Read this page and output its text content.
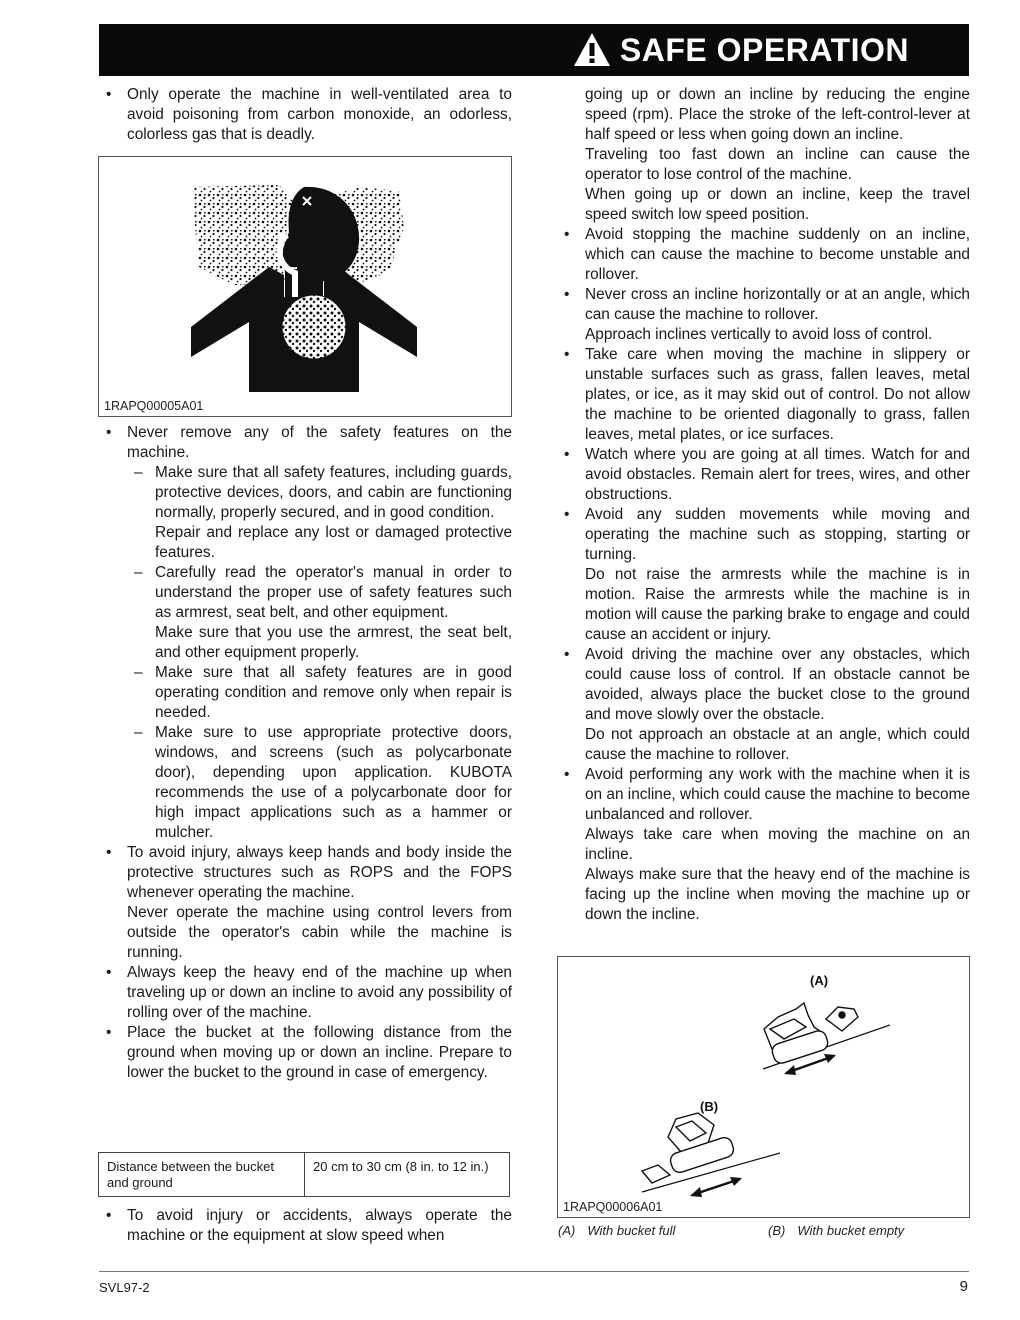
SAFE OPERATION
• Only operate the machine in well-ventilated area to avoid poisoning from carbon monoxide, an odorless, colorless gas that is deadly.
1RAPQ00005A01
• Never remove any of the safety features on the machine.
– Make sure that all safety features, including guards, protective devices, doors, and cabin are functioning normally, properly secured, and in good condition.
Repair and replace any lost or damaged protective features.
– Carefully read the operator's manual in order to understand the proper use of safety features such as armrest, seat belt, and other equipment.
Make sure that you use the armrest, the seat belt, and other equipment properly.
– Make sure that all safety features are in good operating condition and remove only when repair is needed.
– Make sure to use appropriate protective doors, windows, and screens (such as polycarbonate door), depending upon application. KUBOTA recommends the use of a polycarbonate door for high impact applications such as a hammer or mulcher.
• To avoid injury, always keep hands and body inside the protective structures such as ROPS and the FOPS whenever operating the machine.
Never operate the machine using control levers from outside the operator's cabin while the machine is running.
• Always keep the heavy end of the machine up when traveling up or down an incline to avoid any possibility of rolling over of the machine.
• Place the bucket at the following distance from the ground when moving up or down an incline. Prepare to lower the bucket to the ground in case of emergency.
Distance between the bucket and ground
20 cm to 30 cm (8 in. to 12 in.)
• To avoid injury or accidents, always operate the machine or the equipment at slow speed when
going up or down an incline by reducing the engine speed (rpm). Place the stroke of the left-control-lever at half speed or less when going down an incline.
Traveling too fast down an incline can cause the operator to lose control of the machine.
When going up or down an incline, keep the travel speed switch low speed position.
• Avoid stopping the machine suddenly on an incline, which can cause the machine to become unstable and rollover.
• Never cross an incline horizontally or at an angle, which can cause the machine to rollover.
Approach inclines vertically to avoid loss of control.
• Take care when moving the machine in slippery or unstable surfaces such as grass, fallen leaves, metal plates, or ice, as it may skid out of control. Do not allow the machine to be oriented diagonally to grass, fallen leaves, metal plates, or ice surfaces.
• Watch where you are going at all times. Watch for and avoid obstacles. Remain alert for trees, wires, and other obstructions.
• Avoid any sudden movements while moving and operating the machine such as stopping, starting or turning.
Do not raise the armrests while the machine is in motion. Raise the armrests while the machine is in motion will cause the parking brake to engage and could cause an accident or injury.
• Avoid driving the machine over any obstacles, which could cause loss of control. If an obstacle cannot be avoided, always place the bucket close to the ground and move slowly over the obstacle.
Do not approach an obstacle at an angle, which could cause the machine to rollover.
• Avoid performing any work with the machine when it is on an incline, which could cause the machine to become unbalanced and rollover.
Always take care when moving the machine on an incline.
Always make sure that the heavy end of the machine is facing up the incline when moving the machine up or down the incline.
(A)
(B)
1RAPQ00006A01
(A) With bucket full	(B) With bucket empty
SVL97-2	9
